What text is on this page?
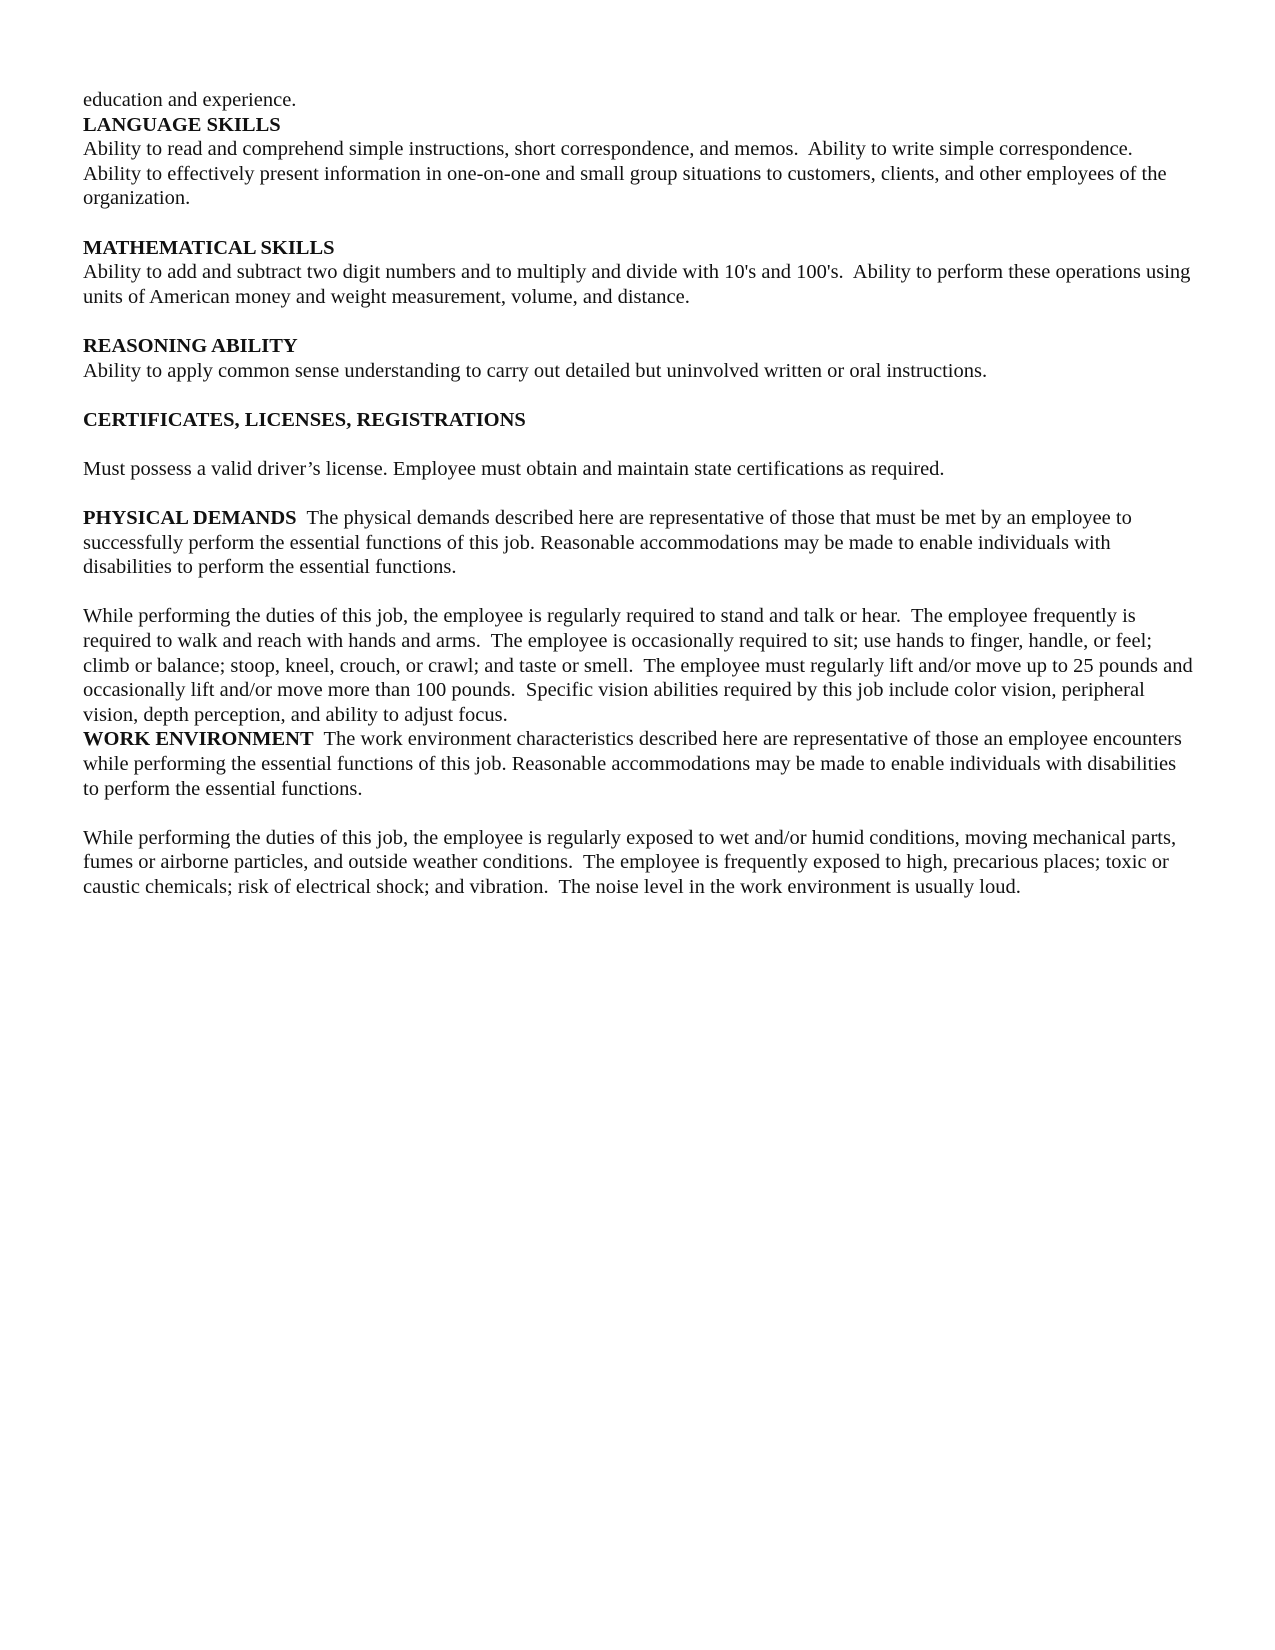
education and experience.

LANGUAGE SKILLS

Ability to read and comprehend simple instructions, short correspondence, and memos.  Ability to write simple correspondence.  Ability to effectively present information in one-on-one and small group situations to customers, clients, and other employees of the organization.

MATHEMATICAL SKILLS

Ability to add and subtract two digit numbers and to multiply and divide with 10's and 100's.  Ability to perform these operations using units of American money and weight measurement, volume, and distance.

REASONING ABILITY

Ability to apply common sense understanding to carry out detailed but uninvolved written or oral instructions.

CERTIFICATES, LICENSES, REGISTRATIONS

Must possess a valid driver’s license. Employee must obtain and maintain state certifications as required.

PHYSICAL DEMANDS  The physical demands described here are representative of those that must be met by an employee to successfully perform the essential functions of this job. Reasonable accommodations may be made to enable individuals with disabilities to perform the essential functions.

While performing the duties of this job, the employee is regularly required to stand and talk or hear.  The employee frequently is required to walk and reach with hands and arms.  The employee is occasionally required to sit; use hands to finger, handle, or feel; climb or balance; stoop, kneel, crouch, or crawl; and taste or smell.  The employee must regularly lift and/or move up to 25 pounds and occasionally lift and/or move more than 100 pounds.  Specific vision abilities required by this job include color vision, peripheral vision, depth perception, and ability to adjust focus.

WORK ENVIRONMENT  The work environment characteristics described here are representative of those an employee encounters while performing the essential functions of this job. Reasonable accommodations may be made to enable individuals with disabilities to perform the essential functions.

While performing the duties of this job, the employee is regularly exposed to wet and/or humid conditions, moving mechanical parts, fumes or airborne particles, and outside weather conditions.  The employee is frequently exposed to high, precarious places; toxic or caustic chemicals; risk of electrical shock; and vibration.  The noise level in the work environment is usually loud.
